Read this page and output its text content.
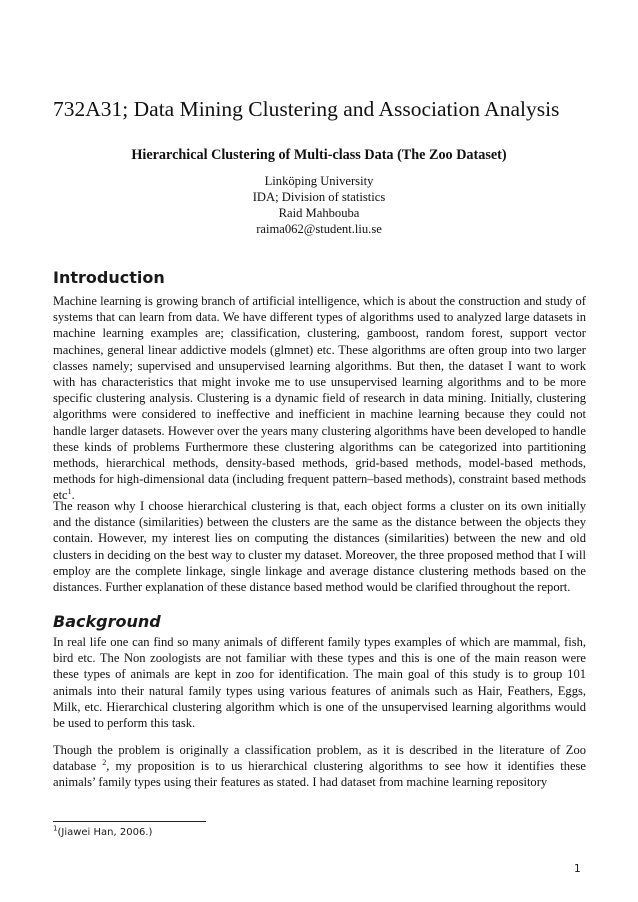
732A31; Data Mining Clustering and Association Analysis
Hierarchical Clustering of Multi-class Data (The Zoo Dataset)
Linköping University
IDA; Division of statistics
Raid Mahbouba
raima062@student.liu.se
Introduction

Machine learning is growing branch of artificial intelligence, which is about the construction and study of systems that can learn from data. We have different types of algorithms used to analyzed large datasets in machine learning examples are; classification, clustering, gamboost, random forest, support vector machines, general linear addictive models (glmnet) etc. These algorithms are often group into two larger classes namely; supervised and unsupervised learning algorithms. But then, the dataset I want to work with has characteristics that might invoke me to use unsupervised learning algorithms and to be more specific clustering analysis. Clustering is a dynamic field of research in data mining. Initially, clustering algorithms were considered to ineffective and inefficient in machine learning because they could not handle larger datasets. However over the years many clustering algorithms have been developed to handle these kinds of problems Furthermore these clustering algorithms can be categorized into partitioning methods, hierarchical methods, density-based methods, grid-based methods, model-based methods, methods for high-dimensional data (including frequent pattern–based methods), constraint based methods etc$^1$.

The reason why I choose hierarchical clustering is that, each object forms a cluster on its own initially and the distance (similarities) between the clusters are the same as the distance between the objects they contain. However, my interest lies on computing the distances (similarities) between the new and old clusters in deciding on the best way to cluster my dataset. Moreover, the three proposed method that I will employ are the complete linkage, single linkage and average distance clustering methods based on the distances. Further explanation of these distance based method would be clarified throughout the report.

Background

In real life one can find so many animals of different family types examples of which are mammal, fish, bird etc. The Non zoologists are not familiar with these types and this is one of the main reason were these types of animals are kept in zoo for identification. The main goal of this study is to group 101 animals into their natural family types using various features of animals such as Hair, Feathers, Eggs, Milk, etc. Hierarchical clustering algorithm which is one of the unsupervised learning algorithms would be used to perform this task.

Though the problem is originally a classification problem, as it is described in the literature of Zoo database $^2$, my proposition is to us hierarchical clustering algorithms to see how it identifies these animals’ family types using their features as stated. I had dataset from machine learning repository

$^1$(Jiawei Han, 2006.)
1
